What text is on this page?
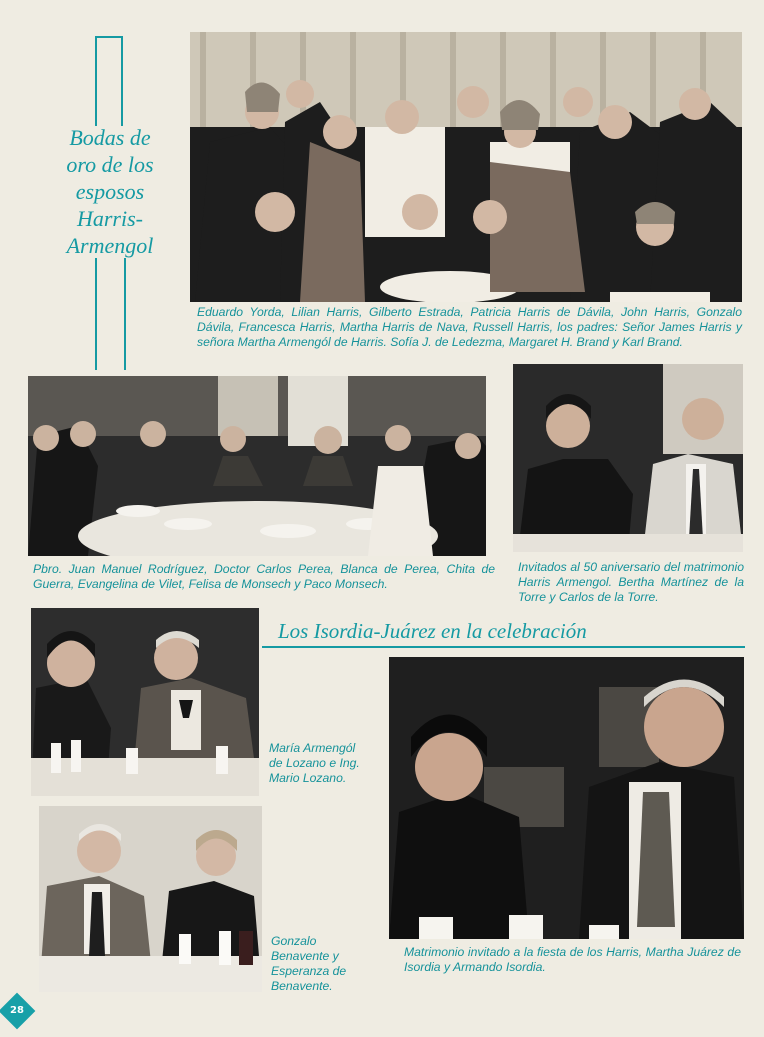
Bodas de
oro de los
esposos
Harris-
Armengol

Eduardo Yorda, Lilian Harris, Gilberto Estrada, Patricia Harris de Dávila, John Harris, Gonzalo Dávila, Francesca Harris, Martha Harris de Nava, Russell Harris, los padres: Señor James Harris y señora Martha Armengól de Harris. Sofía J. de Ledezma, Margaret H. Brand y Karl Brand.

Pbro. Juan Manuel Rodríguez, Doctor Carlos Perea, Blanca de Perea, Chita de Guerra, Evangelina de Vilet, Felisa de Monsech y Paco Monsech.

Invitados al 50 aniversario del matrimonio Harris Armengol. Bertha Martínez de la Torre y Carlos de la Torre.

Los Isordia-Juárez en la celebración

María Armengól de Lozano e Ing. Mario Lozano.

Gonzalo Benavente y Esperanza de Benavente.

Matrimonio invitado a la fiesta de los Harris, Martha Juárez de Isordia y Armando Isordia.

28
